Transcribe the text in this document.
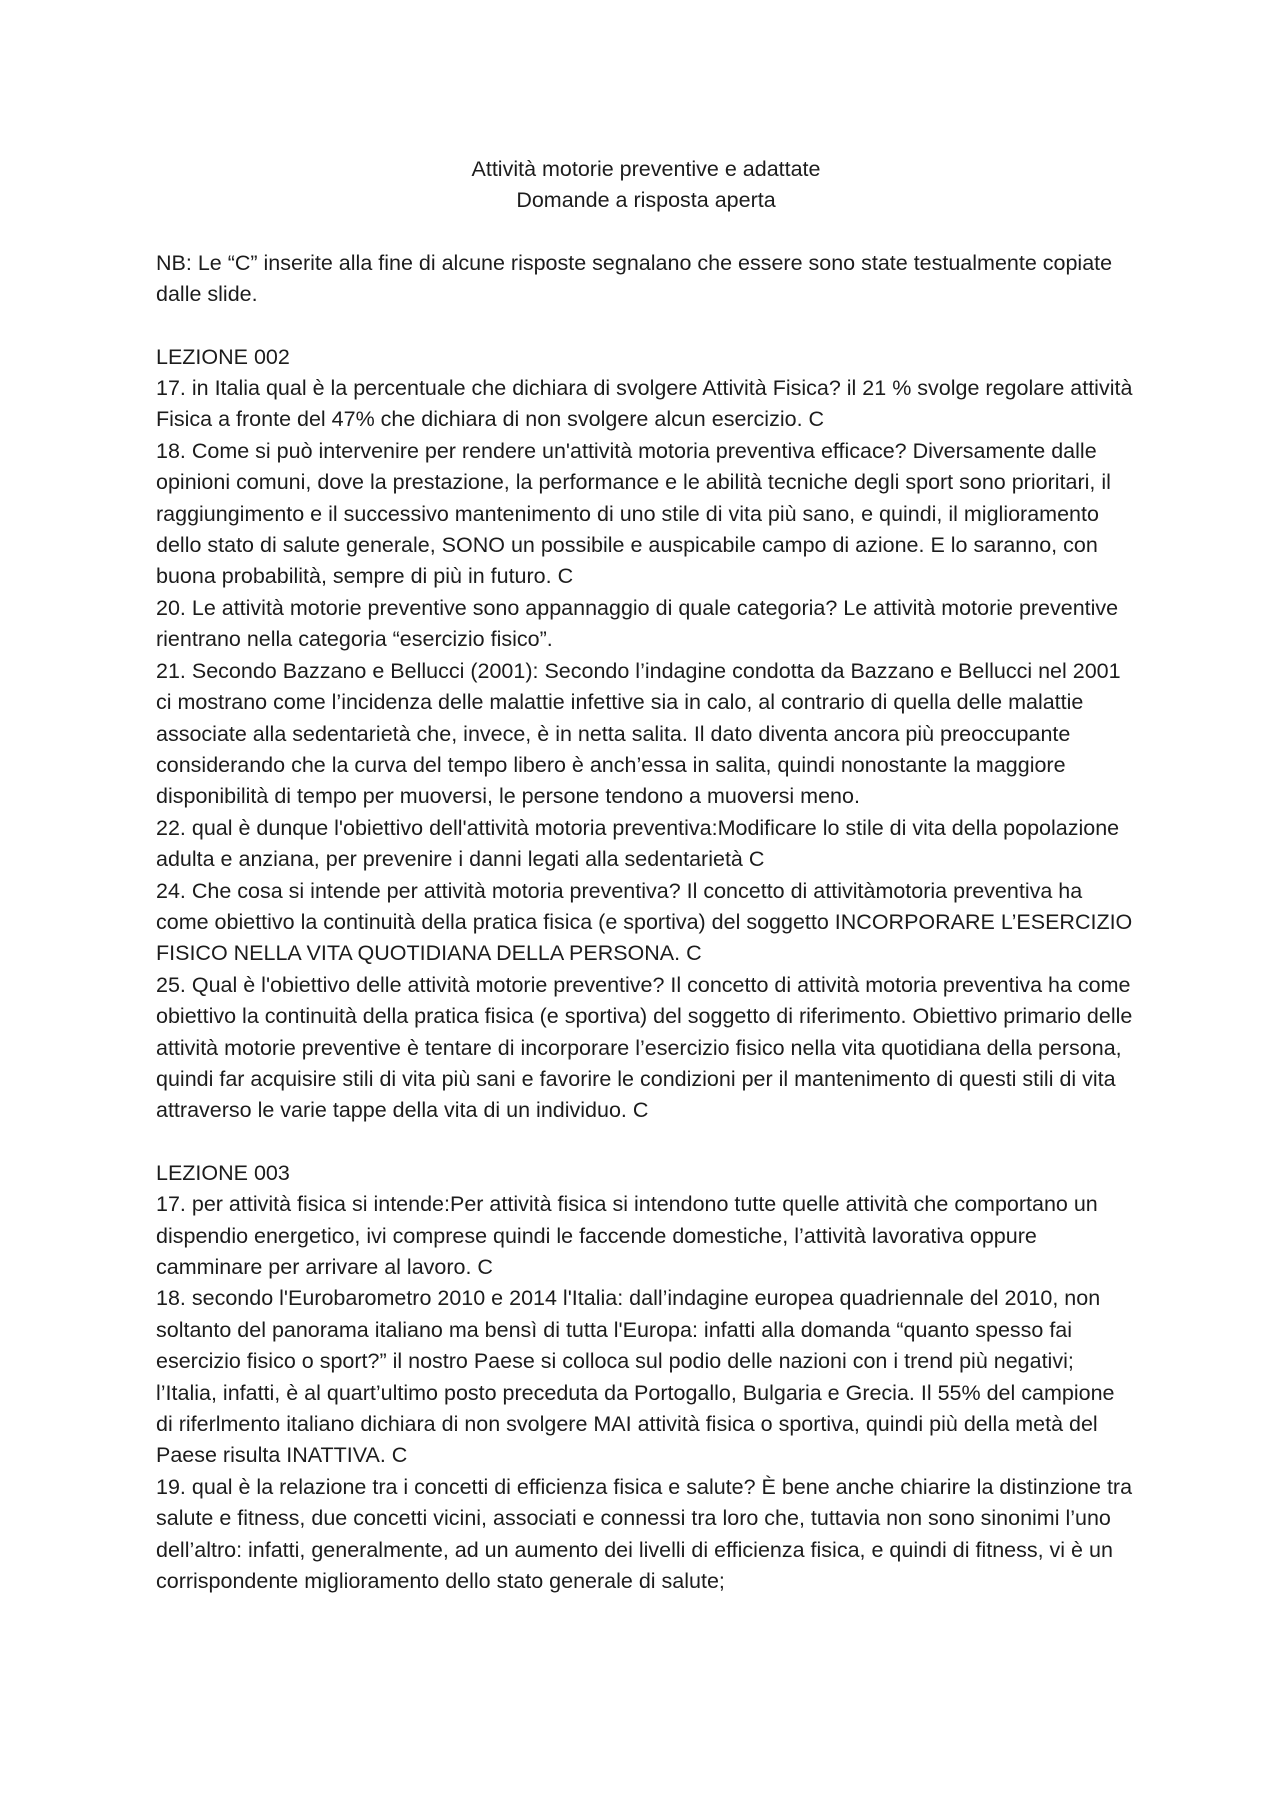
Attività motorie preventive e adattate
Domande a risposta aperta

NB: Le “C” inserite alla fine di alcune risposte segnalano che essere sono state testualmente copiate dalle slide.

LEZIONE 002
17. in Italia qual è la percentuale che dichiara di svolgere Attività Fisica? il 21 % svolge regolare attività Fisica a fronte del 47% che dichiara di non svolgere alcun esercizio. C
18. Come si può intervenire per rendere un'attività motoria preventiva efficace? Diversamente dalle opinioni comuni, dove la prestazione, la performance e le abilità tecniche degli sport sono prioritari, il raggiungimento e il successivo mantenimento di uno stile di vita più sano, e quindi, il miglioramento dello stato di salute generale, SONO un possibile e auspicabile campo di azione. E lo saranno, con buona probabilità, sempre di più in futuro. C
20. Le attività motorie preventive sono appannaggio di quale categoria? Le attività motorie preventive rientrano nella categoria “esercizio fisico”.
21. Secondo Bazzano e Bellucci (2001): Secondo l’indagine condotta da Bazzano e Bellucci nel 2001 ci mostrano come l’incidenza delle malattie infettive sia in calo, al contrario di quella delle malattie associate alla sedentarietà che, invece, è in netta salita. Il dato diventa ancora più preoccupante considerando che la curva del tempo libero è anch’essa in salita, quindi nonostante la maggiore disponibilità di tempo per muoversi, le persone tendono a muoversi meno.
22. qual è dunque l'obiettivo dell'attività motoria preventiva:Modificare lo stile di vita della popolazione adulta e anziana, per prevenire i danni legati alla sedentarietà C
24. Che cosa si intende per attività motoria preventiva? Il concetto di attivitàmotoria preventiva ha come obiettivo la continuità della pratica fisica (e sportiva) del soggetto INCORPORARE L’ESERCIZIO FISICO NELLA VITA QUOTIDIANA DELLA PERSONA. C
25. Qual è l'obiettivo delle attività motorie preventive? Il concetto di attività motoria preventiva ha come obiettivo la continuità della pratica fisica (e sportiva) del soggetto di riferimento. Obiettivo primario delle attività motorie preventive è tentare di incorporare l’esercizio fisico nella vita quotidiana della persona, quindi far acquisire stili di vita più sani e favorire le condizioni per il mantenimento di questi stili di vita attraverso le varie tappe della vita di un individuo. C
LEZIONE 003
17. per attività fisica si intende:Per attività fisica si intendono tutte quelle attività che comportano un dispendio energetico, ivi comprese quindi le faccende domestiche, l’attività lavorativa oppure camminare per arrivare al lavoro. C
18. secondo l'Eurobarometro 2010 e 2014 l'Italia: dall’indagine europea quadriennale del 2010, non soltanto del panorama italiano ma bensì di tutta l'Europa: infatti alla domanda “quanto spesso fai esercizio fisico o sport?” il nostro Paese si colloca sul podio delle nazioni con i trend più negativi; l’Italia, infatti, è al quart’ultimo posto preceduta da Portogallo, Bulgaria e Grecia. Il 55% del campione di riferlmento italiano dichiara di non svolgere MAI attività fisica o sportiva, quindi più della metà del Paese risulta INATTIVA. C
19. qual è la relazione tra i concetti di efficienza fisica e salute? È bene anche chiarire la distinzione tra salute e fitness, due concetti vicini, associati e connessi tra loro che, tuttavia non sono sinonimi l’uno dell’altro: infatti, generalmente, ad un aumento dei livelli di efficienza fisica, e quindi di fitness, vi è un corrispondente miglioramento dello stato generale di salute;
